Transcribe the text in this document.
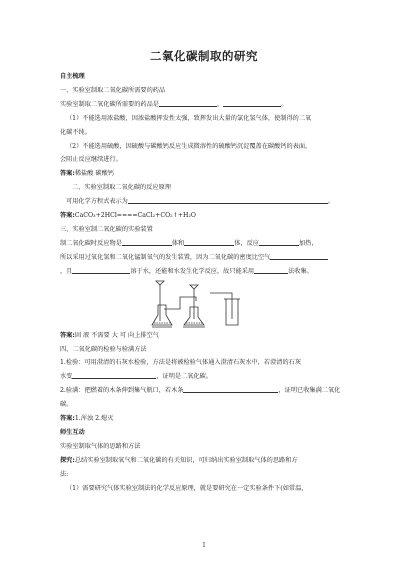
二氧化碳制取的研究
自主梳理
一、实验室制取二氧化碳所需要的药品
实验室制取二氧化碳所需要的药品是	，	。
（1）不能选用浓盐酸，因浓盐酸挥发性太强，致挥发出大量的氯化氢气体，使制得的二氧
化碳不纯。
（2）不能选用硫酸，因硫酸与碳酸钙反应生成微溶性的硫酸钙沉淀覆盖在碳酸钙的表面，
会阻止反应继续进行。
答案:稀盐酸 碳酸钙
二、实验室制取二氧化碳的反应原理
可用化学方程式表示为	。
答案:CaCO₃+2HCl====CaCl₂+CO₂↑+H₂O
三、实验室制二氧化碳的实验装置
制二氧化碳时反应物是	体和	体，反应	加热，
所以采用过氧化氢和二氧化锰制氧气的发生装置，因为二氧化碳的密度比空气
，且	溶于水，还能和水发生化学反应，故只能采用	法收集。
答案:固 液 不需要 大 可 向上排空气
四、二氧化碳的检验与验满方法
1.检验：可用澄清的石灰水检验，方法是将被检验气体通入澄清石灰水中，若澄清的石灰
水变	，证明是二氧化碳。
2.验满：把燃着的木条伸到集气瓶口，若木条	，证明已收集满二氧化
碳。
答案:1.浑浊 2.熄灭
师生互动
实验室制取气体的思路和方法
探究:总结实验室制取氧气和二氧化碳的有关知识，可归纳出实验室制取气体的思路和方
法:
（1）需要研究气体实验室制法的化学反应原理，就是要研究在一定实验条件下(如常温、
1
